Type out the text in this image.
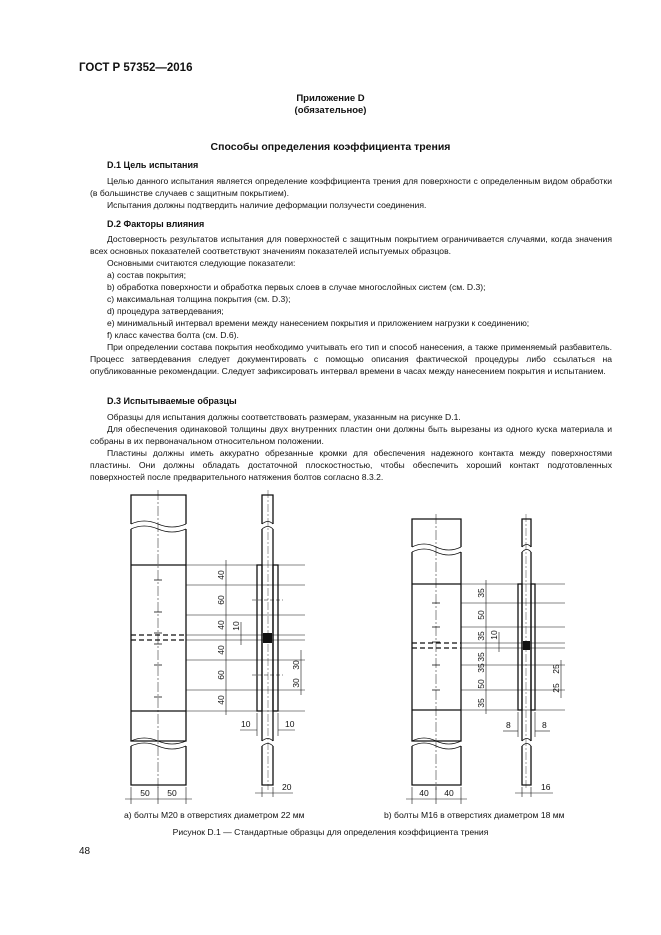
ГОСТ Р 57352—2016
Приложение D
(обязательное)
Способы определения коэффициента трения
D.1 Цель испытания
Целью данного испытания является определение коэффициента трения для поверхности с определенным видом обработки (в большинстве случаев с защитным покрытием).
Испытания должны подтвердить наличие деформации ползучести соединения.
D.2 Факторы влияния
Достоверность результатов испытания для поверхностей с защитным покрытием ограничивается случаями, когда значения всех основных показателей соответствуют значениям показателей испытуемых образцов.
Основными считаются следующие показатели:
a) состав покрытия;
b) обработка поверхности и обработка первых слоев в случае многослойных систем (см. D.3);
c) максимальная толщина покрытия (см. D.3);
d) процедура затвердевания;
e) минимальный интервал времени между нанесением покрытия и приложением нагрузки к соединению;
f) класс качества болта (см. D.6).
При определении состава покрытия необходимо учитывать его тип и способ нанесения, а также применяемый разбавитель. Процесс затвердевания следует документировать с помощью описания фактической процедуры либо ссылаться на опубликованные рекомендации. Следует зафиксировать интервал времени в часах между нанесением покрытия и испытанием.
D.3 Испытываемые образцы
Образцы для испытания должны соответствовать размерам, указанным на рисунке D.1.
Для обеспечения одинаковой толщины двух внутренних пластин они должны быть вырезаны из одного куска материала и собраны в их первоначальном относительном положении.
Пластины должны иметь аккуратно обрезанные кромки для обеспечения надежного контакта между поверхностями пластины. Они должны обладать достаточной плоскостностью, чтобы обеспечить хороший контакт подготовленных поверхностей после предварительного натяжения болтов согласно 8.3.2.
40
60
40
40
60
40
10
30
30
10	10
20
50 50
35
50
35
35
35
50
35
10
25
25
8	8
16
40 40
a) болты М20 в отверстиях диаметром 22 мм	b) болты М16 в отверстиях диаметром 18 мм
Рисунок D.1 — Стандартные образцы для определения коэффициента трения
48
